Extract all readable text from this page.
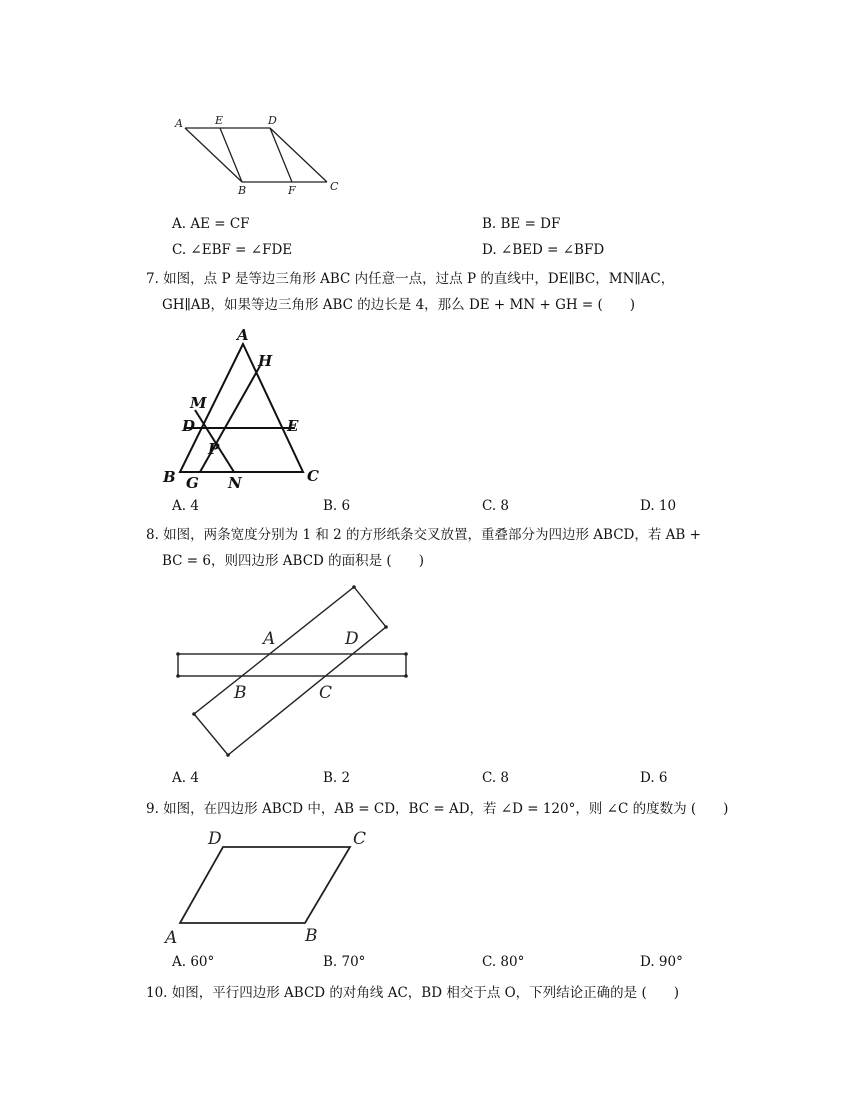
A	E	D
B	F	C
A. AE = CF	B. BE = DF
C. ∠EBF = ∠FDE	D. ∠BED = ∠BFD
7. 如图，点 P 是等边三角形 ABC 内任意一点，过点 P 的直线中，DE∥BC，MN∥AC，
GH∥AB，如果等边三角形 ABC 的边长是 4，那么 DE + MN + GH = (　　)
A
H
M
D	E
P
B G N	C
A. 4	B. 6	C. 8	D. 10
8. 如图，两条宽度分别为 1 和 2 的方形纸条交叉放置，重叠部分为四边形 ABCD，若 AB +
BC = 6，则四边形 ABCD 的面积是 (　　)
A	D
B	C
A. 4	B. 2	C. 8	D. 6
9. 如图，在四边形 ABCD 中，AB = CD，BC = AD，若 ∠D = 120°，则 ∠C 的度数为 (　　)
D	C
A	B
A. 60°	B. 70°	C. 80°	D. 90°
10. 如图，平行四边形 ABCD 的对角线 AC，BD 相交于点 O，下列结论正确的是 (　　)
